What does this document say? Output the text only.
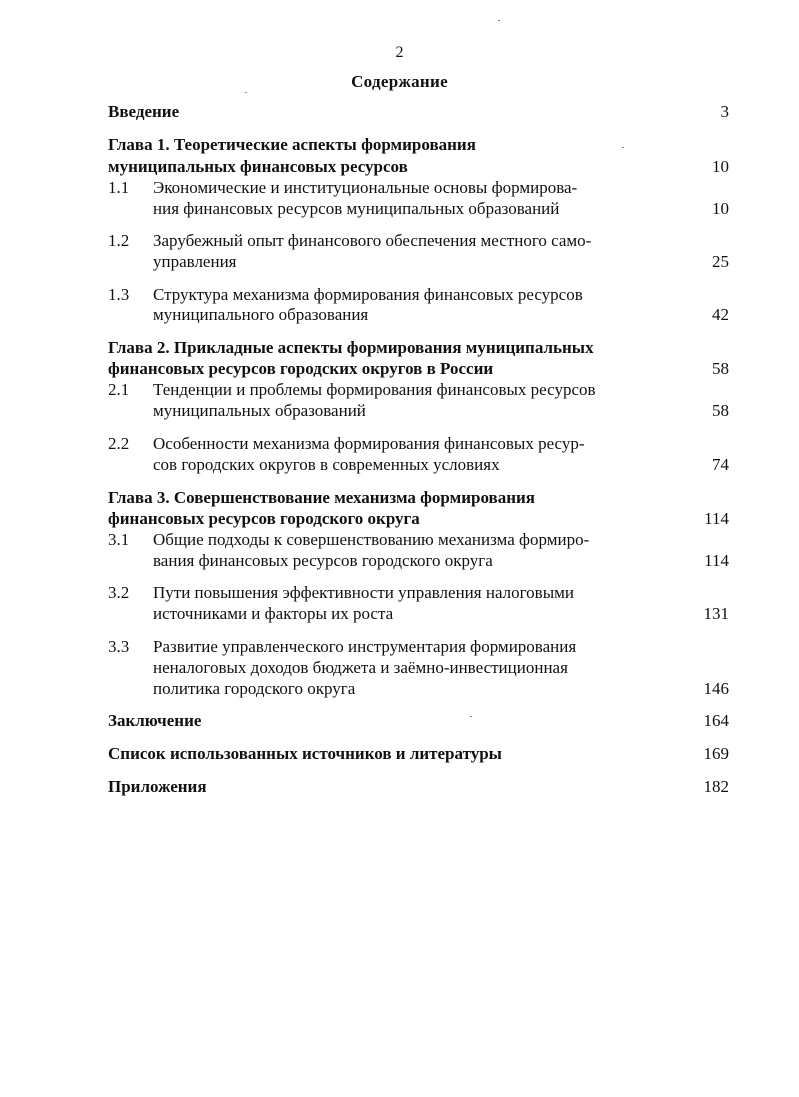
2
Содержание
Введение	3
Глава 1. Теоретические аспекты формирования
муниципальных финансовых ресурсов	10
1.1 Экономические и институциональные основы формирова-
ния финансовых ресурсов муниципальных образований	10
1.2 Зарубежный опыт финансового обеспечения местного само-
управления	25
1.3 Структура механизма формирования финансовых ресурсов
муниципального образования	42
Глава 2. Прикладные аспекты формирования муниципальных
финансовых ресурсов городских округов в России	58
2.1 Тенденции и проблемы формирования финансовых ресурсов
муниципальных образований	58
2.2 Особенности механизма формирования финансовых ресур-
сов городских округов в современных условиях	74
Глава 3. Совершенствование механизма формирования
финансовых ресурсов городского округа	114
3.1 Общие подходы к совершенствованию механизма формиро-
вания финансовых ресурсов городского округа	114
3.2 Пути повышения эффективности управления налоговыми
источниками и факторы их роста	131
3.3 Развитие управленческого инструментария формирования
неналоговых доходов бюджета и заёмно-инвестиционная
политика городского округа	146
Заключение	164
Список использованных источников и литературы	169
Приложения	182
